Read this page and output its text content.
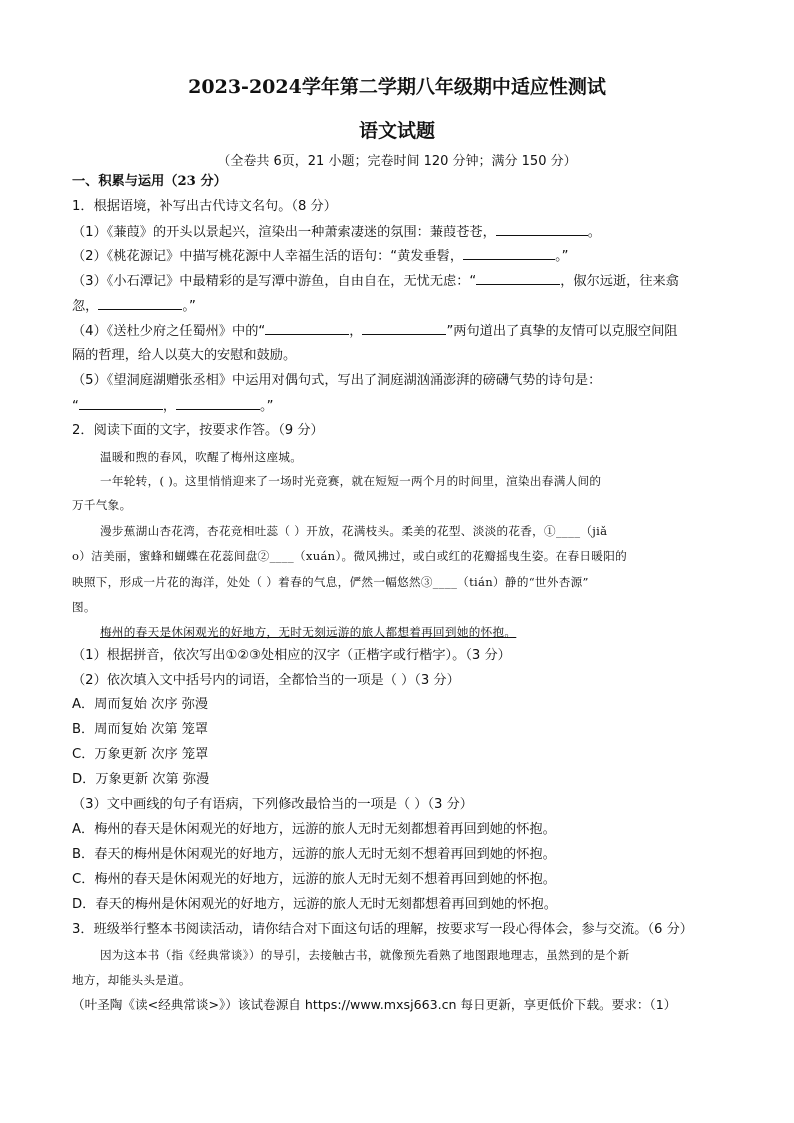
2023-2024学年第二学期八年级期中适应性测试
语文试题
（全卷共 6页，21 小题；完卷时间 120 分钟；满分 150 分）
一、积累与运用（23 分）
1．根据语境，补写出古代诗文名句。（8 分）
（1）《蒹葭》的开头以景起兴，渲染出一种萧索凄迷的氛围：蒹葭苍苍，	。
（2）《桃花源记》中描写桃花源中人幸福生活的语句：“黄发垂髫，	。”
（3）《小石潭记》中最精彩的是写潭中游鱼，自由自在，无忧无虑：“	，俶尔远逝，往来翕
忽，	。”
（4）《送杜少府之任蜀州》中的“	，	”两句道出了真挚的友情可以克服空间阻
隔的哲理，给人以莫大的安慰和鼓励。
（5）《望洞庭湖赠张丞相》中运用对偶句式，写出了洞庭湖汹涌澎湃的磅礴气势的诗句是：
“	，	。”
2．阅读下面的文字，按要求作答。（9 分）
温暖和煦的春风，吹醒了梅州这座城。
一年轮转，( )。这里悄悄迎来了一场时光竞赛，就在短短一两个月的时间里，渲染出春满人间的
万千气象。
漫步蕉湖山杏花湾，杏花竞相吐蕊（ ）开放，花满枝头。柔美的花型、淡淡的花香，①____（jiǎ
o）洁美丽，蜜蜂和蝴蝶在花蕊间盘②____（xuán）。微风拂过，或白或红的花瓣摇曳生姿。在春日暖阳的
映照下，形成一片花的海洋，处处（ ）着春的气息，俨然一幅悠然③____（tián）静的“世外杏源”
图。
梅州的春天是休闲观光的好地方，无时无刻远游的旅人都想着再回到她的怀抱。
（1）根据拼音，依次写出①②③处相应的汉字（正楷字或行楷字）。（3 分）
（2）依次填入文中括号内的词语，全都恰当的一项是（ ）（3 分）
A．周而复始 次序 弥漫
B．周而复始 次第 笼罩
C．万象更新 次序 笼罩
D．万象更新 次第 弥漫
（3）文中画线的句子有语病，下列修改最恰当的一项是（ ）（3 分）
A．梅州的春天是休闲观光的好地方，远游的旅人无时无刻都想着再回到她的怀抱。
B．春天的梅州是休闲观光的好地方，远游的旅人无时无刻不想着再回到她的怀抱。
C．梅州的春天是休闲观光的好地方，远游的旅人无时无刻不想着再回到她的怀抱。
D．春天的梅州是休闲观光的好地方，远游的旅人无时无刻都想着再回到她的怀抱。
3．班级举行整本书阅读活动，请你结合对下面这句话的理解，按要求写一段心得体会，参与交流。（6 分）
因为这本书（指《经典常谈》）的导引，去接触古书，就像预先看熟了地图跟地理志，虽然到的是个新
地方，却能头头是道。
（叶圣陶《读<经典常谈>》）该试卷源自 https://www.mxsj663.cn 每日更新，享更低价下载。要求：（1）
